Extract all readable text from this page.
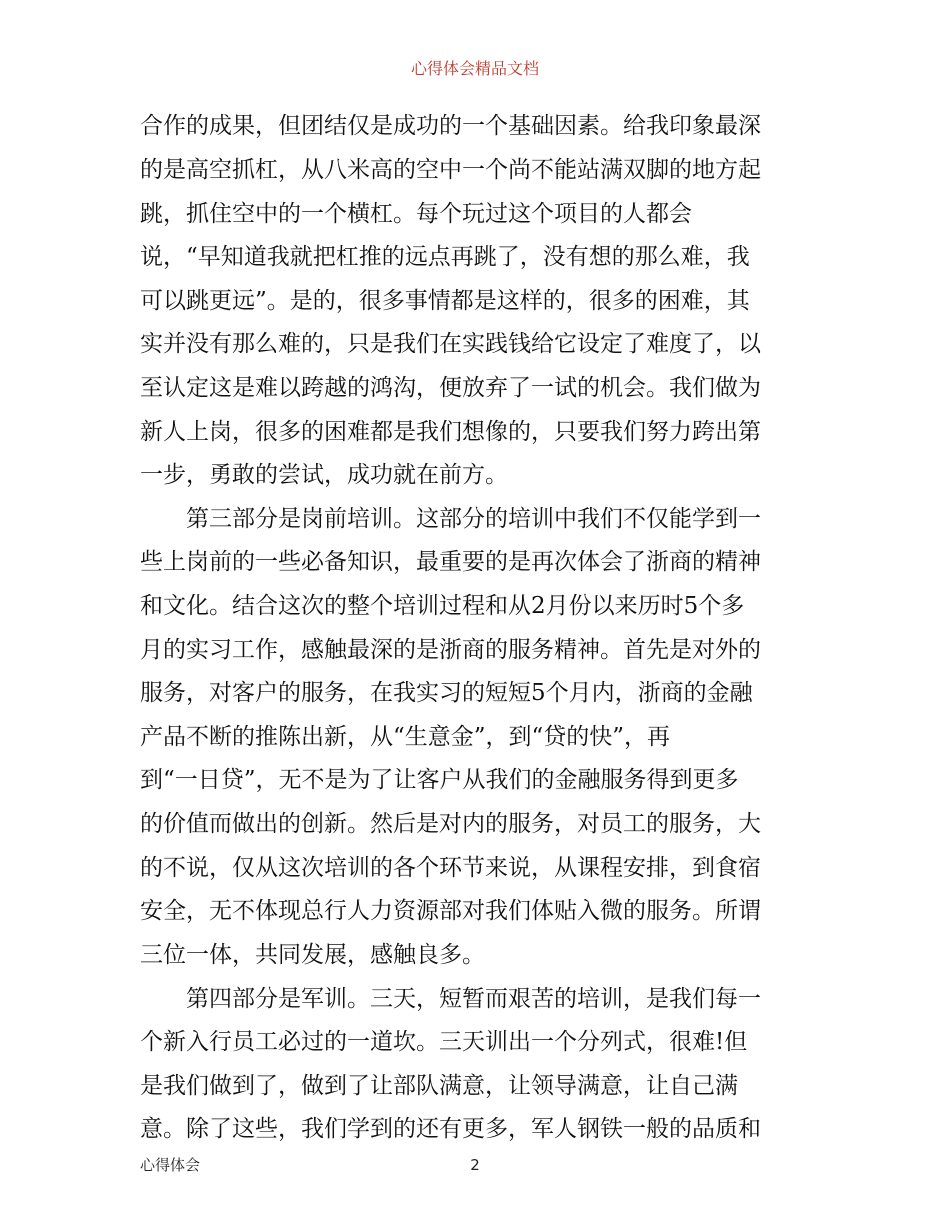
心得体会精品文档
合作的成果，但团结仅是成功的一个基础因素。给我印象最深
的是高空抓杠，从八米高的空中一个尚不能站满双脚的地方起
跳，抓住空中的一个横杠。每个玩过这个项目的人都会
说，“早知道我就把杠推的远点再跳了，没有想的那么难，我
可以跳更远”。是的，很多事情都是这样的，很多的困难，其
实并没有那么难的，只是我们在实践钱给它设定了难度了，以
至认定这是难以跨越的鸿沟，便放弃了一试的机会。我们做为
新人上岗，很多的困难都是我们想像的，只要我们努力跨出第
一步，勇敢的尝试，成功就在前方。
　　第三部分是岗前培训。这部分的培训中我们不仅能学到一
些上岗前的一些必备知识，最重要的是再次体会了浙商的精神
和文化。结合这次的整个培训过程和从2月份以来历时5个多
月的实习工作，感触最深的是浙商的服务精神。首先是对外的
服务，对客户的服务，在我实习的短短5个月内，浙商的金融
产品不断的推陈出新，从“生意金”，到“贷的快”，再
到“一日贷”，无不是为了让客户从我们的金融服务得到更多
的价值而做出的创新。然后是对内的服务，对员工的服务，大
的不说，仅从这次培训的各个环节来说，从课程安排，到食宿
安全，无不体现总行人力资源部对我们体贴入微的服务。所谓
三位一体，共同发展，感触良多。
　　第四部分是军训。三天，短暂而艰苦的培训，是我们每一
个新入行员工必过的一道坎。三天训出一个分列式，很难!但
是我们做到了，做到了让部队满意，让领导满意，让自己满
意。除了这些，我们学到的还有更多，军人钢铁一般的品质和
心得体会	2
